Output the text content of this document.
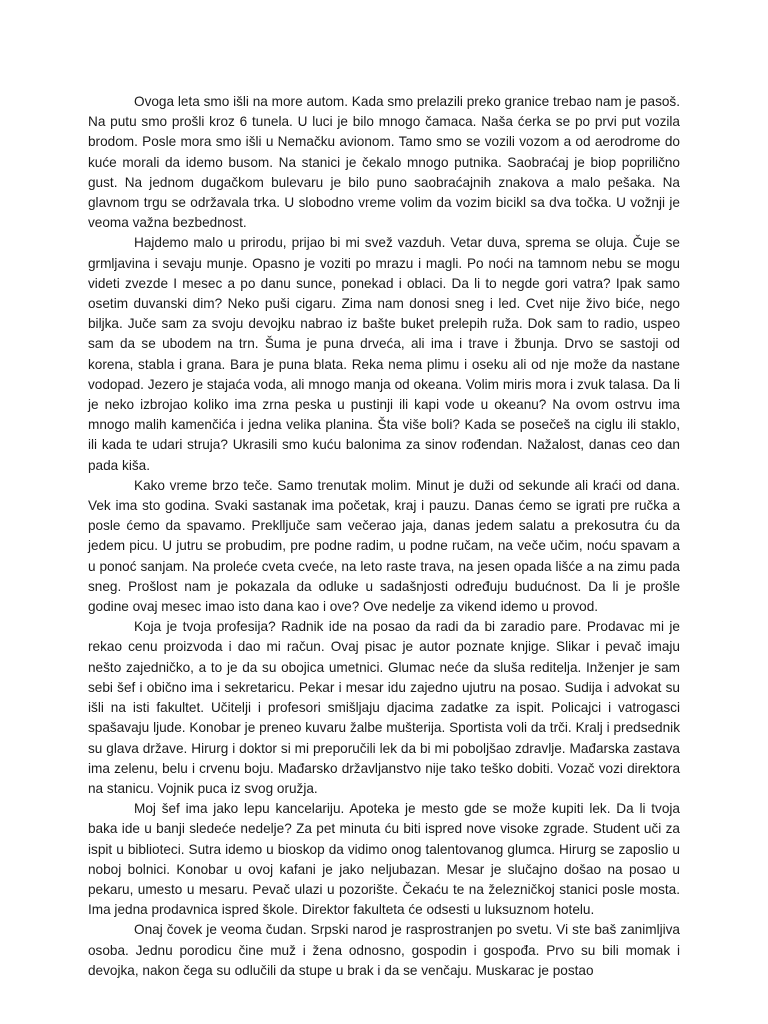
Ovoga leta smo išli na more autom. Kada smo prelazili preko granice trebao nam je pasoš. Na putu smo prošli kroz 6 tunela. U luci je bilo mnogo čamaca. Naša ćerka se po prvi put vozila brodom. Posle mora smo išli u Nemačku avionom. Tamo smo se vozili vozom a od aerodrome do kuće morali da idemo busom. Na stanici je čekalo mnogo putnika. Saobraćaj je biop poprilično gust. Na jednom dugačkom bulevaru je bilo puno saobraćajnih znakova a malo pešaka. Na glavnom trgu se održavala trka. U slobodno vreme volim da vozim bicikl sa dva točka. U vožnji je veoma važna bezbednost.

Hajdemo malo u prirodu, prijao bi mi svež vazduh. Vetar duva, sprema se oluja. Čuje se grmljavina i sevaju munje. Opasno je voziti po mrazu i magli. Po noći na tamnom nebu se mogu videti zvezde I mesec a po danu sunce, ponekad i oblaci. Da li to negde gori vatra? Ipak samo osetim duvanski dim? Neko puši cigaru. Zima nam donosi sneg i led. Cvet nije živo biće, nego biljka. Juče sam za svoju devojku nabrao iz bašte buket prelepih ruža. Dok sam to radio, uspeo sam da se ubodem na trn. Šuma je puna drveća, ali ima i trave i žbunja. Drvo se sastoji od korena, stabla i grana. Bara je puna blata. Reka nema plimu i oseku ali od nje može da nastane vodopad. Jezero je stajaća voda, ali mnogo manja od okeana. Volim miris mora i zvuk talasa. Da li je neko izbrojao koliko ima zrna peska u pustinji ili kapi vode u okeanu? Na ovom ostrvu ima mnogo malih kamenčića i jedna velika planina. Šta više boli? Kada se posečeš na ciglu ili staklo, ili kada te udari struja? Ukrasili smo kuću balonima za sinov rođendan. Nažalost, danas ceo dan pada kiša.

Kako vreme brzo teče. Samo trenutak molim. Minut je duži od sekunde ali kraći od dana. Vek ima sto godina. Svaki sastanak ima početak, kraj i pauzu. Danas ćemo se igrati pre ručka a posle ćemo da spavamo. Preklljuče sam večerao jaja, danas jedem salatu a prekosutra ću da jedem picu. U jutru se probudim, pre podne radim, u podne ručam, na veče učim, noću spavam a u ponoć sanjam. Na proleće cveta cveće, na leto raste trava, na jesen opada lišće a na zimu pada sneg. Prošlost nam je pokazala da odluke u sadašnjosti određuju budućnost. Da li je prošle godine ovaj mesec imao isto dana kao i ove? Ove nedelje za vikend idemo u provod.

Koja je tvoja profesija? Radnik ide na posao da radi da bi zaradio pare. Prodavac mi je rekao cenu proizvoda i dao mi račun. Ovaj pisac je autor poznate knjige. Slikar i pevač imaju nešto zajedničko, a to je da su obojica umetnici. Glumac neće da sluša reditelja. Inženjer je sam sebi šef i obično ima i sekretaricu. Pekar i mesar idu zajedno ujutru na posao. Sudija i advokat su išli na isti fakultet. Učitelji i profesori smišljaju djacima zadatke za ispit. Policajci i vatrogasci spašavaju ljude. Konobar je preneo kuvaru žalbe mušterija. Sportista voli da trči. Kralj i predsednik su glava države. Hirurg i doktor si mi preporučili lek da bi mi poboljšao zdravlje. Mađarska zastava ima zelenu, belu i crvenu boju. Mađarsko državljanstvo nije tako teško dobiti. Vozač vozi direktora na stanicu. Vojnik puca iz svog oružja.

Moj šef ima jako lepu kancelariju. Apoteka je mesto gde se može kupiti lek. Da li tvoja baka ide u banji sledeće nedelje? Za pet minuta ću biti ispred nove visoke zgrade. Student uči za ispit u biblioteci. Sutra idemo u bioskop da vidimo onog talentovanog glumca. Hirurg se zaposlio u noboj bolnici. Konobar u ovoj kafani je jako neljubazan. Mesar je slučajno došao na posao u pekaru, umesto u mesaru. Pevač ulazi u pozorište. Čekaću te na železničkoj stanici posle mosta. Ima jedna prodavnica ispred škole. Direktor fakulteta će odsesti u luksuznom hotelu.

Onaj čovek je veoma čudan. Srpski narod je rasprostranjen po svetu. Vi ste baš zanimljiva osoba. Jednu porodicu čine muž i žena odnosno, gospodin i gospođa. Prvo su bili momak i devojka, nakon čega su odlučili da stupe u brak i da se venčaju. Muskarac je postao
